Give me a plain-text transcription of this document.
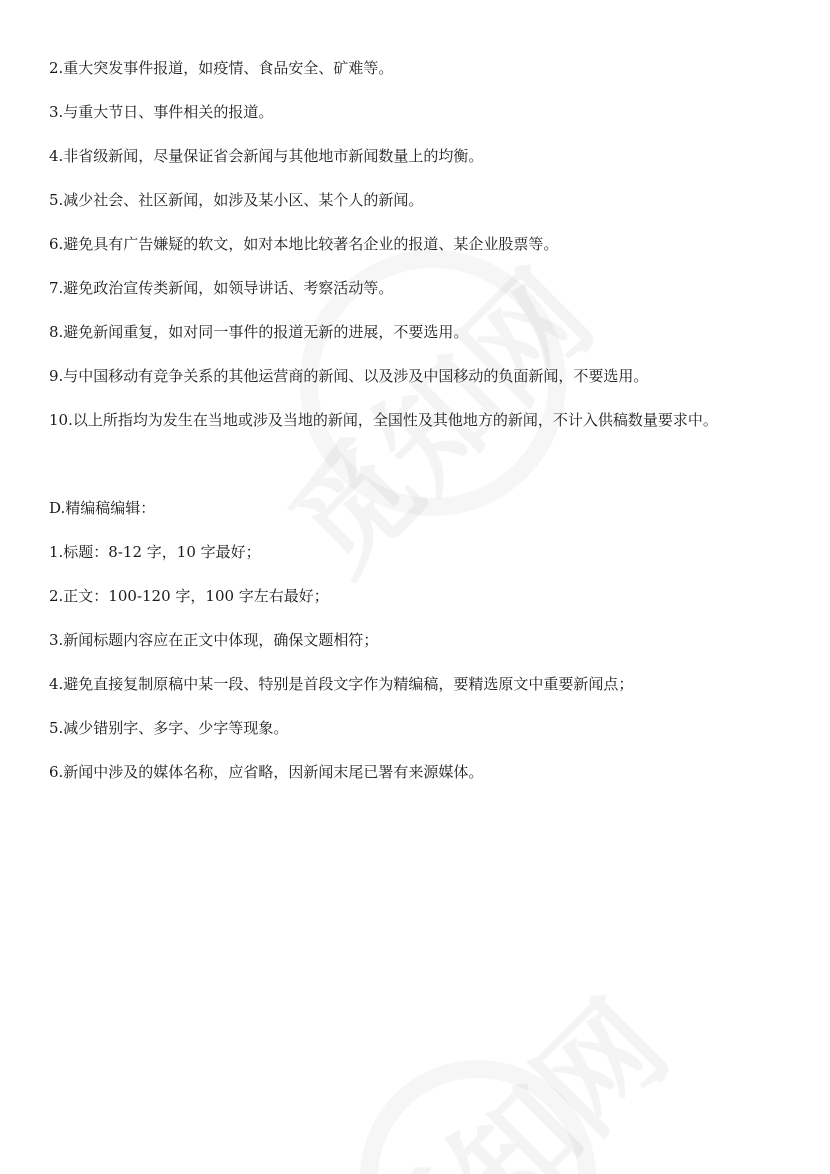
2.重大突发事件报道，如疫情、食品安全、矿难等。
3.与重大节日、事件相关的报道。
4.非省级新闻，尽量保证省会新闻与其他地市新闻数量上的均衡。
5.减少社会、社区新闻，如涉及某小区、某个人的新闻。
6.避免具有广告嫌疑的软文，如对本地比较著名企业的报道、某企业股票等。
7.避免政治宣传类新闻，如领导讲话、考察活动等。
8.避免新闻重复，如对同一事件的报道无新的进展，不要选用。
9.与中国移动有竞争关系的其他运营商的新闻、以及涉及中国移动的负面新闻，不要选用。
10.以上所指均为发生在当地或涉及当地的新闻，全国性及其他地方的新闻，不计入供稿数量要求中。
D.精编稿编辑：
1.标题：8-12 字，10 字最好；
2.正文：100-120 字，100 字左右最好；
3.新闻标题内容应在正文中体现，确保文题相符；
4.避免直接复制原稿中某一段、特别是首段文字作为精编稿，要精选原文中重要新闻点；
5.减少错别字、多字、少字等现象。
6.新闻中涉及的媒体名称，应省略，因新闻末尾已署有来源媒体。
